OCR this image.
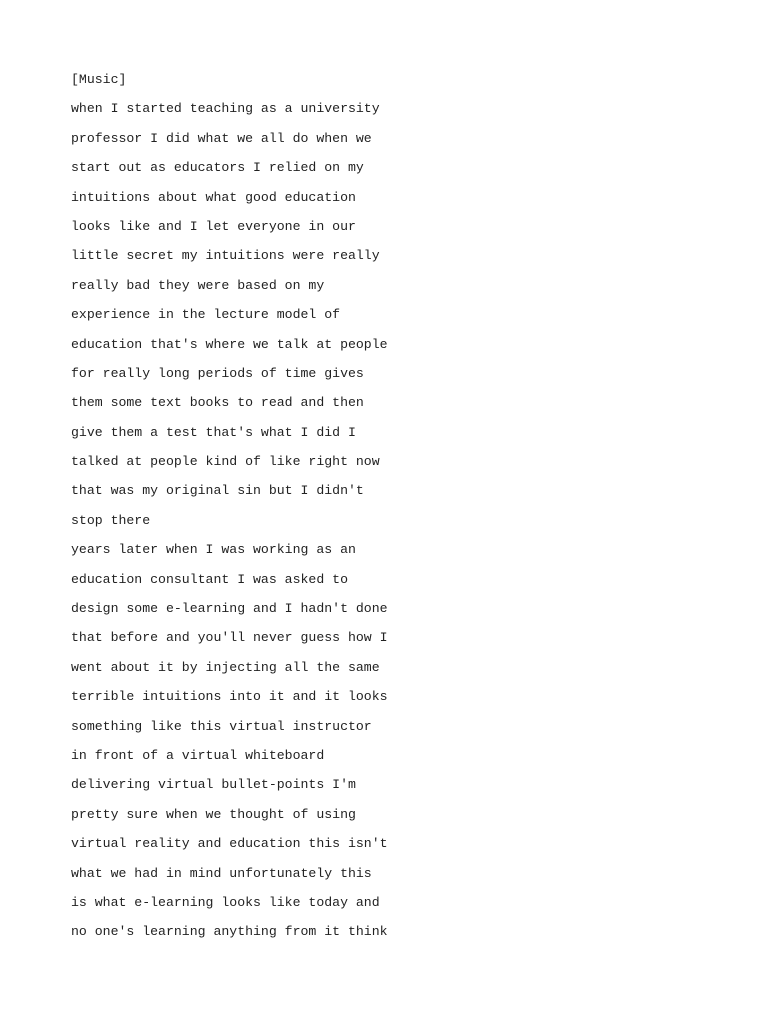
[Music]
when I started teaching as a university
professor I did what we all do when we
start out as educators I relied on my
intuitions about what good education
looks like and I let everyone in our
little secret my intuitions were really
really bad they were based on my
experience in the lecture model of
education that's where we talk at people
for really long periods of time gives
them some text books to read and then
give them a test that's what I did I
talked at people kind of like right now
that was my original sin but I didn't
stop there
years later when I was working as an
education consultant I was asked to
design some e-learning and I hadn't done
that before and you'll never guess how I
went about it by injecting all the same
terrible intuitions into it and it looks
something like this virtual instructor
in front of a virtual whiteboard
delivering virtual bullet-points I'm
pretty sure when we thought of using
virtual reality and education this isn't
what we had in mind unfortunately this
is what e-learning looks like today and
no one's learning anything from it think
